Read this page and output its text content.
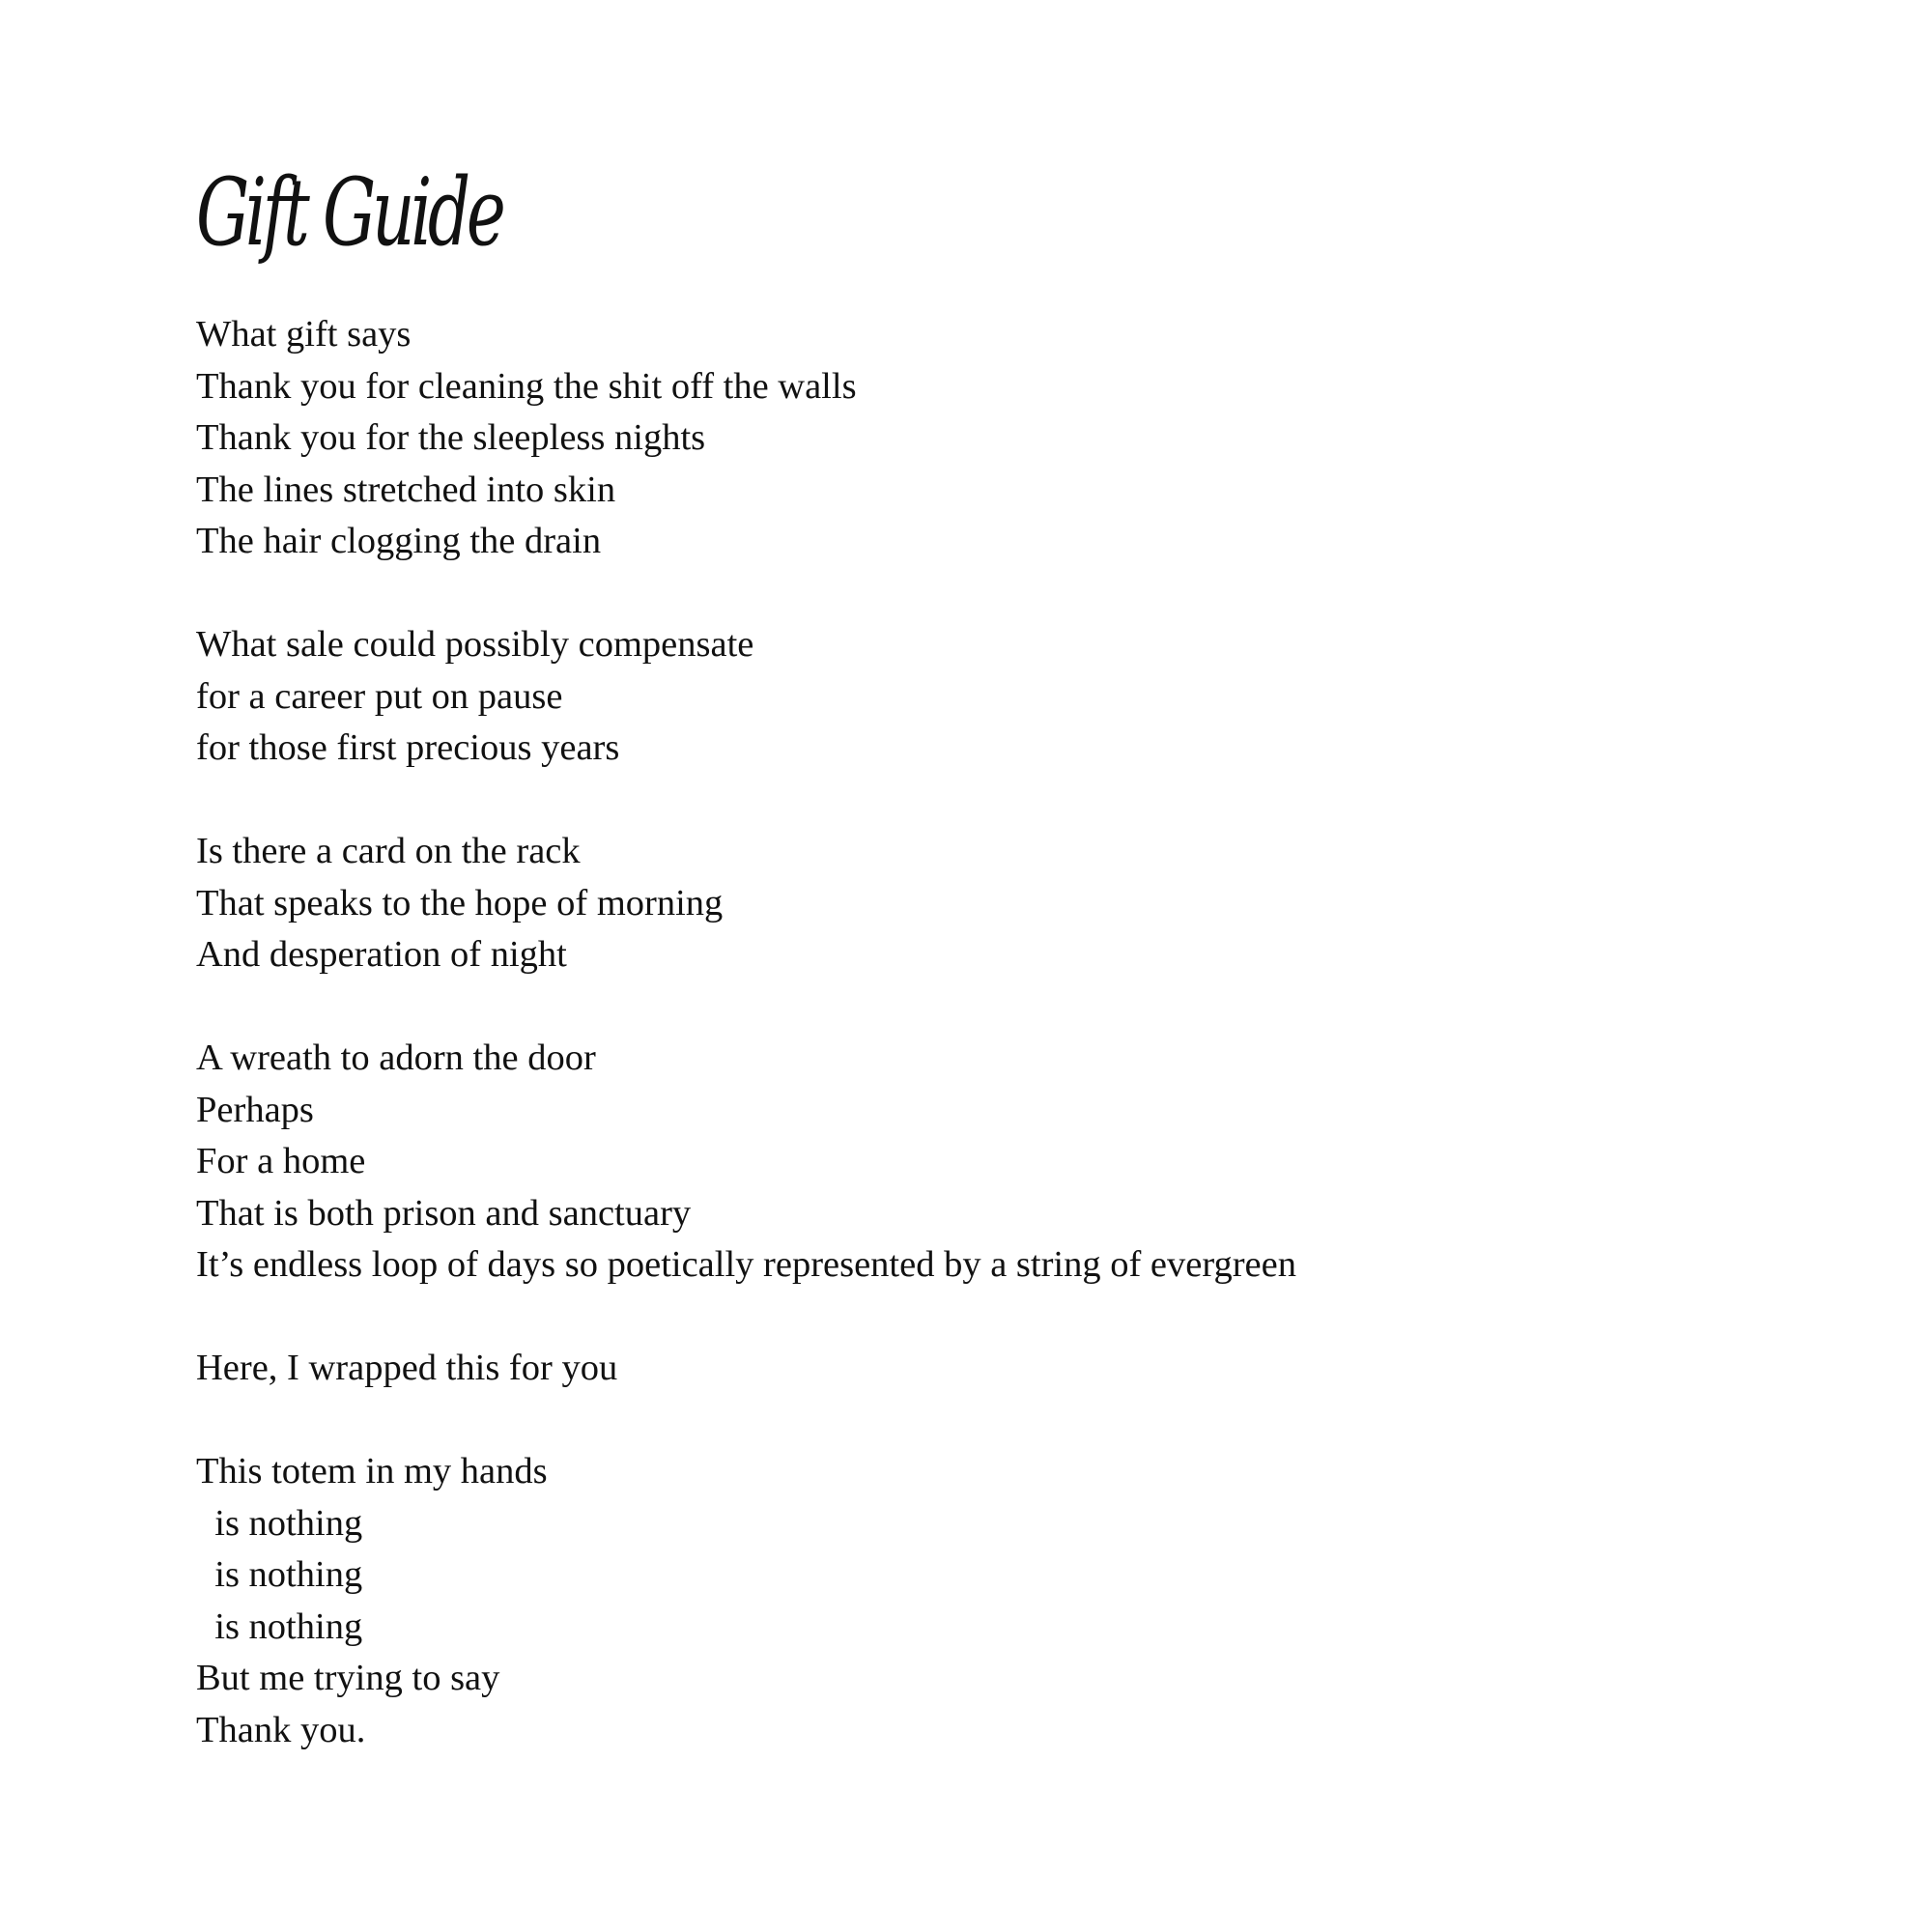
Gift Guide
What gift says
Thank you for cleaning the shit off the walls
Thank you for the sleepless nights
The lines stretched into skin
The hair clogging the drain
What sale could possibly compensate
for a career put on pause
for those first precious years
Is there a card on the rack
That speaks to the hope of morning
And desperation of night
A wreath to adorn the door
Perhaps
For a home
That is both prison and sanctuary
It’s endless loop of days so poetically represented by a string of evergreen
Here, I wrapped this for you
This totem in my hands
is nothing
is nothing
is nothing
But me trying to say
Thank you.
